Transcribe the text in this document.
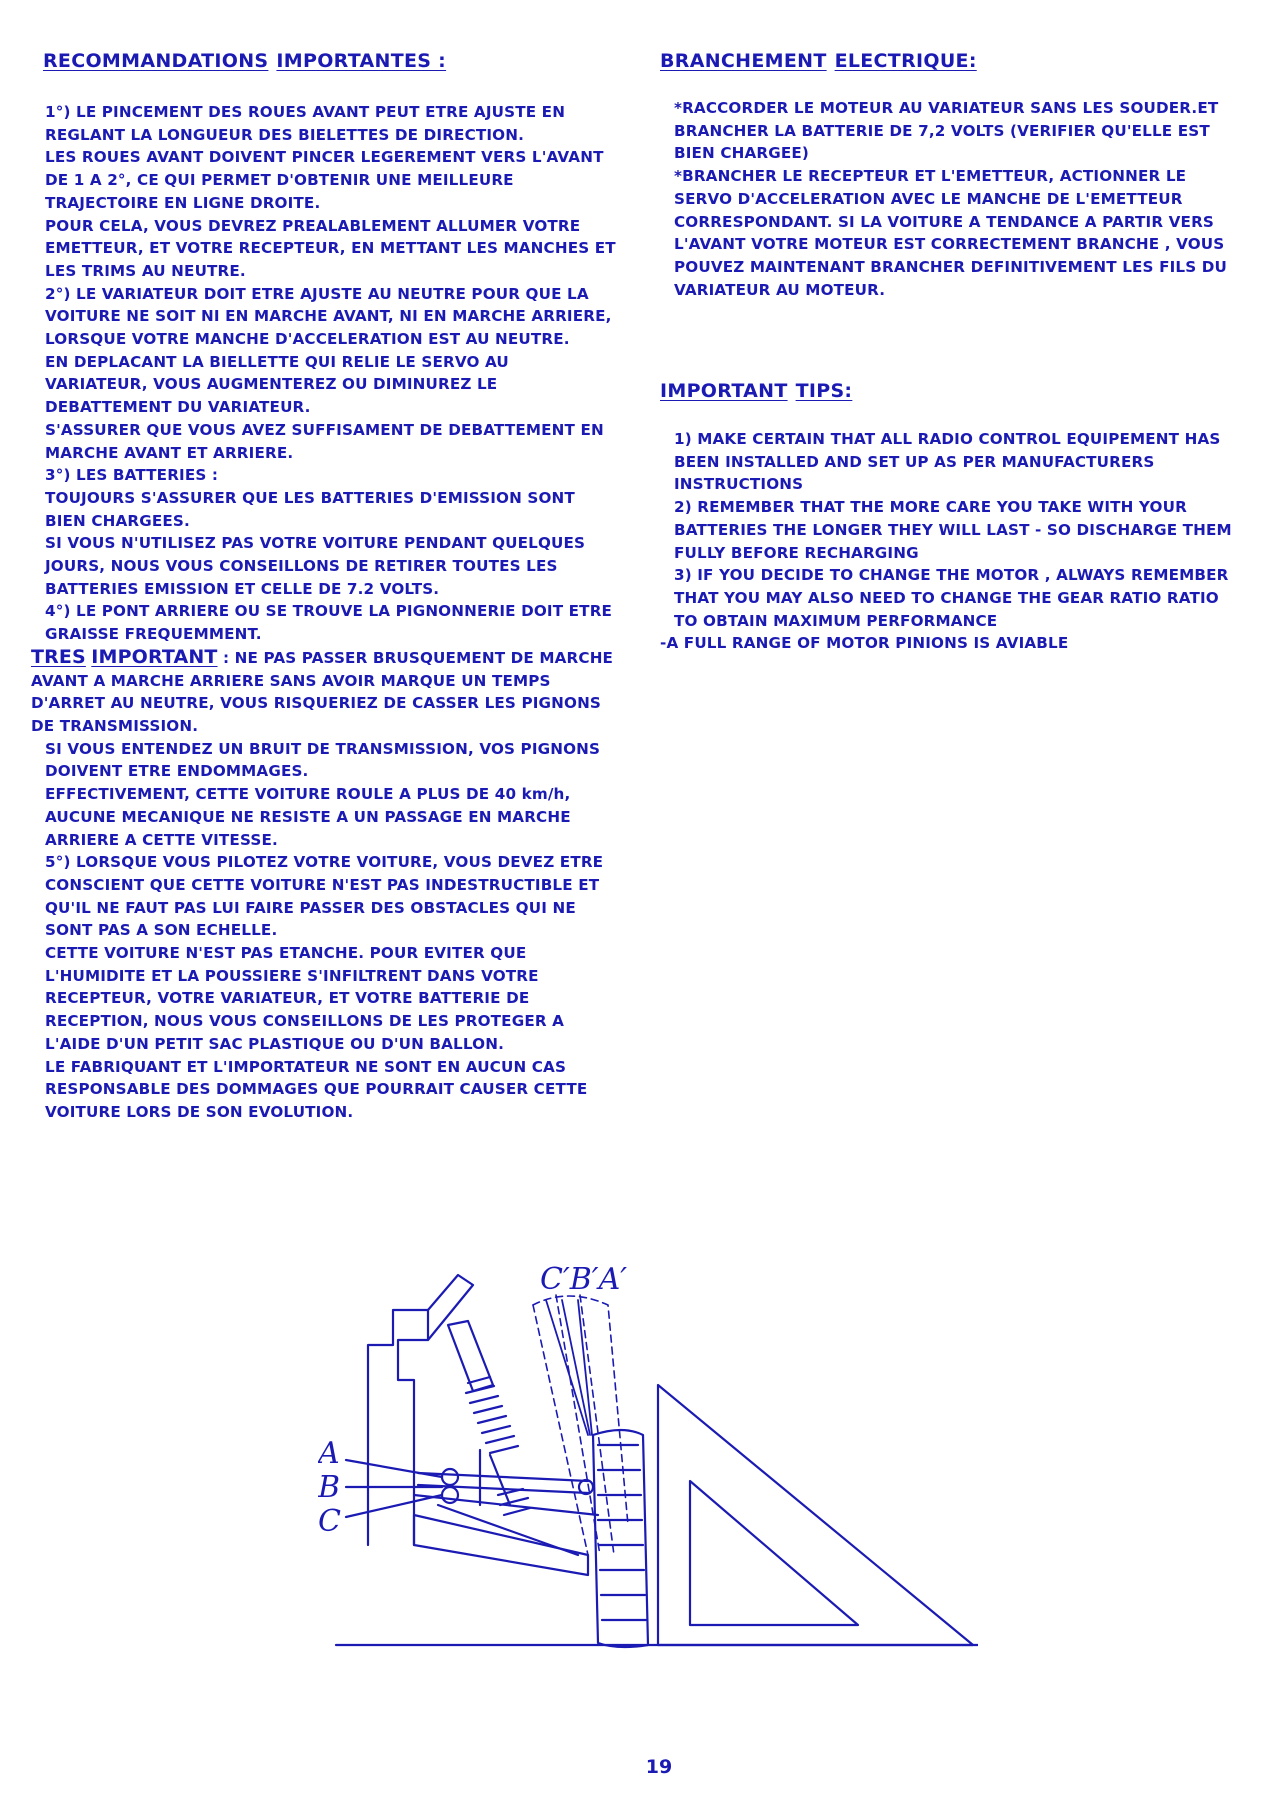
RECOMMANDATIONS IMPORTANTES :

1°) LE PINCEMENT DES ROUES AVANT PEUT ETRE AJUSTE EN REGLANT LA LONGUEUR DES BIELETTES DE DIRECTION.

LES ROUES AVANT DOIVENT PINCER LEGEREMENT VERS L'AVANT DE 1 A 2°, CE QUI PERMET D'OBTENIR UNE MEILLEURE TRAJECTOIRE EN LIGNE DROITE.

POUR CELA, VOUS DEVREZ PREALABLEMENT ALLUMER VOTRE EMETTEUR, ET VOTRE RECEPTEUR, EN METTANT LES MANCHES ET LES TRIMS AU NEUTRE.

2°) LE VARIATEUR DOIT ETRE AJUSTE AU NEUTRE POUR QUE LA VOITURE NE SOIT NI EN MARCHE AVANT, NI EN MARCHE ARRIERE, LORSQUE VOTRE MANCHE D'ACCELERATION EST AU NEUTRE.

EN DEPLACANT LA BIELLETTE QUI RELIE LE SERVO AU VARIATEUR, VOUS AUGMENTEREZ OU DIMINUREZ LE DEBATTEMENT DU VARIATEUR.

S'ASSURER QUE VOUS AVEZ SUFFISAMENT DE DEBATTEMENT EN MARCHE AVANT ET ARRIERE.

3°) LES BATTERIES :

TOUJOURS S'ASSURER QUE LES BATTERIES D'EMISSION SONT BIEN CHARGEES.

SI VOUS N'UTILISEZ PAS VOTRE VOITURE PENDANT QUELQUES JOURS, NOUS VOUS CONSEILLONS DE RETIRER TOUTES LES BATTERIES EMISSION ET CELLE DE 7.2 VOLTS.

4°) LE PONT ARRIERE OU SE TROUVE LA PIGNONNERIE DOIT ETRE GRAISSE FREQUEMMENT.

TRES IMPORTANT : NE PAS PASSER BRUSQUEMENT DE MARCHE AVANT A MARCHE ARRIERE SANS AVOIR MARQUE UN TEMPS D'ARRET AU NEUTRE, VOUS RISQUERIEZ DE CASSER LES PIGNONS DE TRANSMISSION.

SI VOUS ENTENDEZ UN BRUIT DE TRANSMISSION, VOS PIGNONS DOIVENT ETRE ENDOMMAGES.

EFFECTIVEMENT, CETTE VOITURE ROULE A PLUS DE 40 km/h, AUCUNE MECANIQUE NE RESISTE A UN PASSAGE EN MARCHE ARRIERE A CETTE VITESSE.

5°) LORSQUE VOUS PILOTEZ VOTRE VOITURE, VOUS DEVEZ ETRE CONSCIENT QUE CETTE VOITURE N'EST PAS INDESTRUCTIBLE ET QU'IL NE FAUT PAS LUI FAIRE PASSER DES OBSTACLES QUI NE SONT PAS A SON ECHELLE.

CETTE VOITURE N'EST PAS ETANCHE. POUR EVITER QUE L'HUMIDITE ET LA POUSSIERE S'INFILTRENT DANS VOTRE RECEPTEUR, VOTRE VARIATEUR, ET VOTRE BATTERIE DE RECEPTION, NOUS VOUS CONSEILLONS DE LES PROTEGER A L'AIDE D'UN PETIT SAC PLASTIQUE OU D'UN BALLON.

LE FABRIQUANT ET L'IMPORTATEUR NE SONT EN AUCUN CAS RESPONSABLE DES DOMMAGES QUE POURRAIT CAUSER CETTE VOITURE LORS DE SON EVOLUTION.

BRANCHEMENT ELECTRIQUE:

*RACCORDER LE MOTEUR AU VARIATEUR SANS LES SOUDER.ET BRANCHER LA BATTERIE DE 7,2 VOLTS (VERIFIER QU'ELLE EST BIEN CHARGEE)

*BRANCHER LE RECEPTEUR ET L'EMETTEUR, ACTIONNER LE SERVO D'ACCELERATION AVEC LE MANCHE DE L'EMETTEUR CORRESPONDANT. SI LA VOITURE A TENDANCE A PARTIR VERS L'AVANT VOTRE MOTEUR EST CORRECTEMENT BRANCHE , VOUS POUVEZ MAINTENANT BRANCHER DEFINITIVEMENT LES FILS DU VARIATEUR AU MOTEUR.

IMPORTANT TIPS:

1) MAKE CERTAIN THAT ALL RADIO CONTROL EQUIPEMENT HAS BEEN INSTALLED AND SET UP AS PER MANUFACTURERS INSTRUCTIONS

2) REMEMBER THAT THE MORE CARE YOU TAKE WITH YOUR BATTERIES THE LONGER THEY WILL LAST - SO DISCHARGE THEM FULLY BEFORE RECHARGING

3) IF YOU DECIDE TO CHANGE THE MOTOR , ALWAYS REMEMBER THAT YOU MAY ALSO NEED TO CHANGE THE GEAR RATIO RATIO TO OBTAIN MAXIMUM PERFORMANCE

-A FULL RANGE OF MOTOR PINIONS IS AVIABLE

C′B′A′
A
B
C
19
